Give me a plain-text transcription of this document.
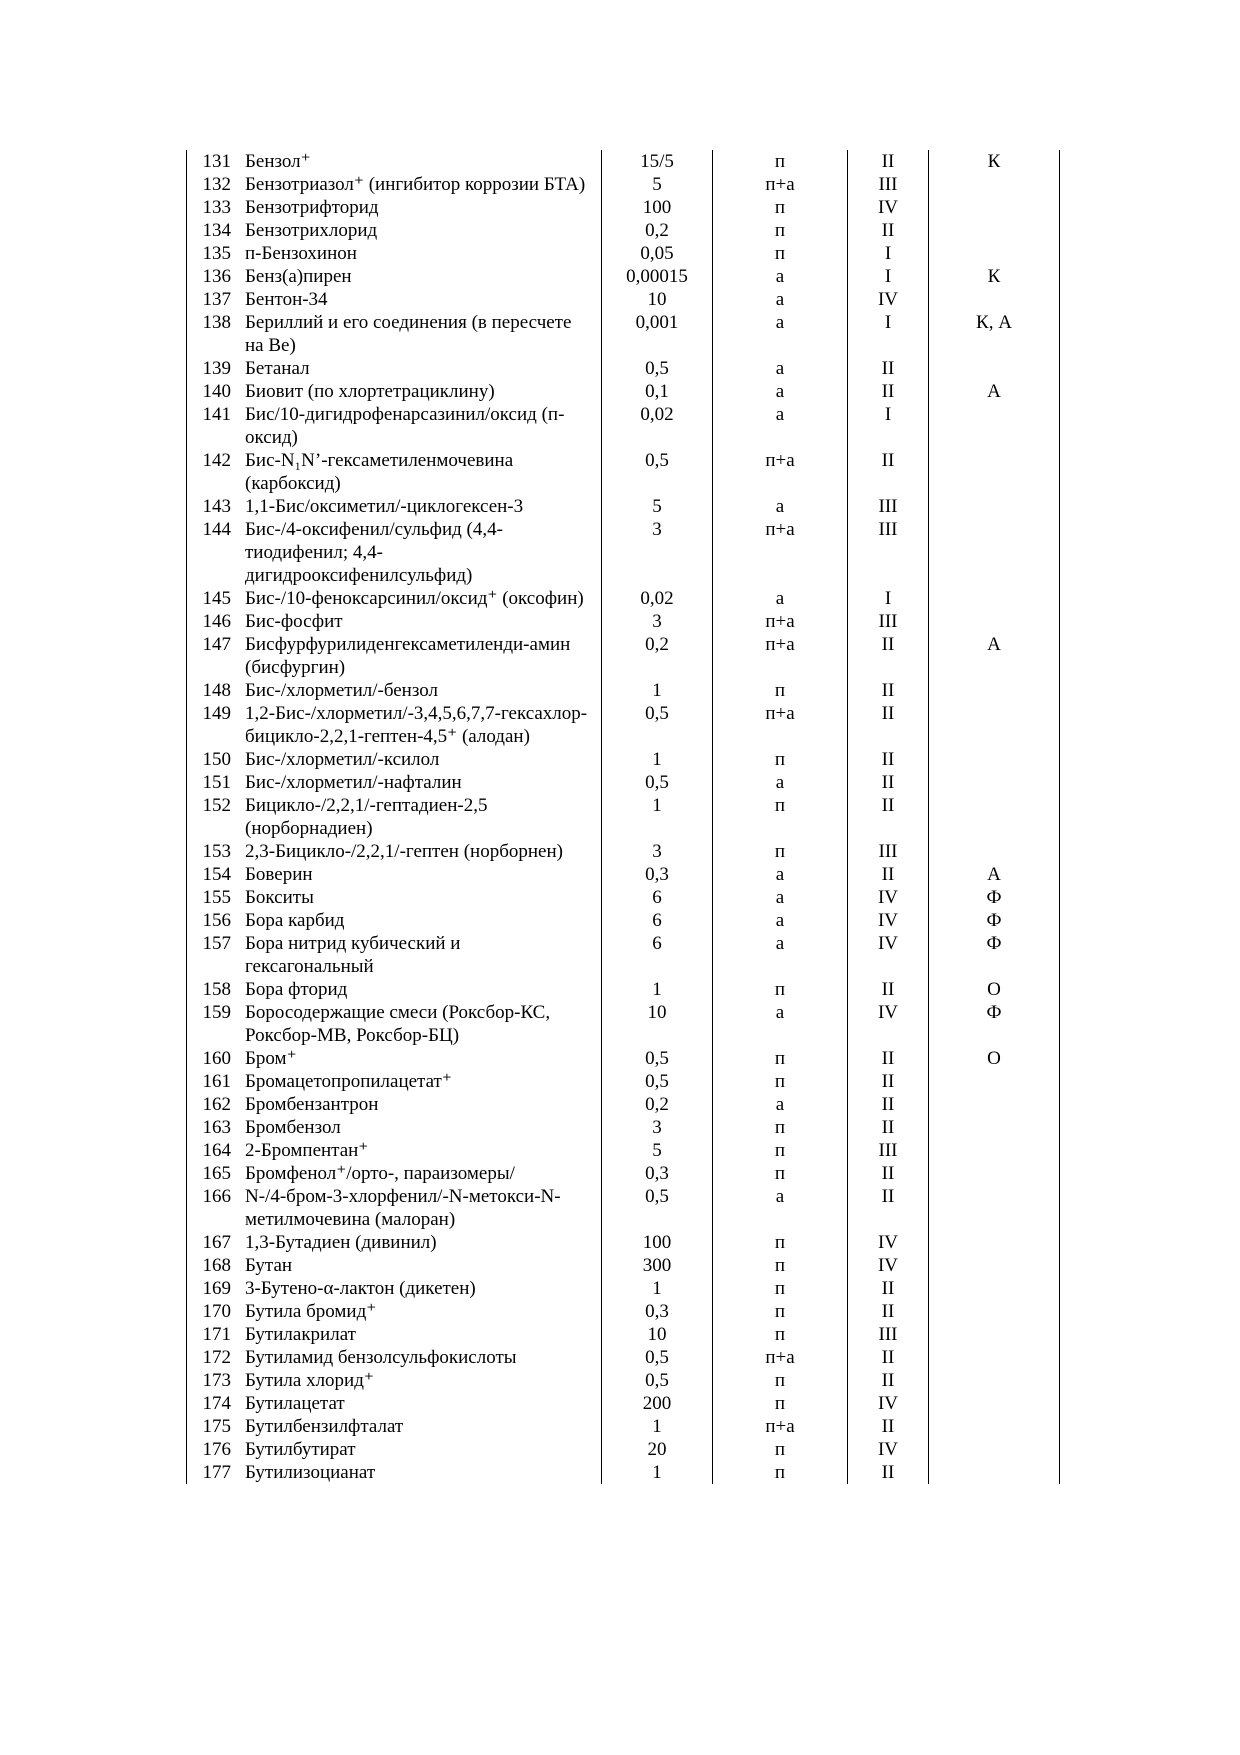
131	Бензол⁺	15/5	п	II	К
132	Бензотриазол⁺ (ингибитор коррозии БТА)	5	п+а	III	
133	Бензотрифторид	100	п	IV	
134	Бензотрихлорид	0,2	п	II	
135	п-Бензохинон	0,05	п	I	
136	Бенз(а)пирен	0,00015	а	I	К
137	Бентон-34	10	а	IV	
138	Бериллий и его соединения (в пересчете на Ве)	0,001	а	I	К, А
139	Бетанал	0,5	а	II	
140	Биовит (по хлортетрациклину)	0,1	а	II	А
141	Бис/10-дигидрофенарсазинил/оксид (п-оксид)	0,02	а	I	
142	Бис-N₁N’-гексаметиленмочевина (карбоксид)	0,5	п+а	II	
143	1,1-Бис/оксиметил/-циклогексен-3	5	а	III	
144	Бис-/4-оксифенил/сульфид (4,4-тиодифенил; 4,4-дигидрооксифенилсульфид)	3	п+а	III	
145	Бис-/10-феноксарсинил/оксид⁺ (оксофин)	0,02	а	I	
146	Бис-фосфит	3	п+а	III	
147	Бисфурфурилиденгексаметиленди-амин (бисфургин)	0,2	п+а	II	А
148	Бис-/хлорметил/-бензол	1	п	II	
149	1,2-Бис-/хлорметил/-3,4,5,6,7,7-гексахлор-бицикло-2,2,1-гептен-4,5⁺ (алодан)	0,5	п+а	II	
150	Бис-/хлорметил/-ксилол	1	п	II	
151	Бис-/хлорметил/-нафталин	0,5	а	II	
152	Бицикло-/2,2,1/-гептадиен-2,5 (норборнадиен)	1	п	II	
153	2,3-Бицикло-/2,2,1/-гептен (норборнен)	3	п	III	
154	Боверин	0,3	а	II	А
155	Бокситы	6	а	IV	Ф
156	Бора карбид	6	а	IV	Ф
157	Бора нитрид кубический и гексагональный	6	а	IV	Ф
158	Бора фторид	1	п	II	О
159	Боросодержащие смеси (Роксбор-КС, Роксбор-МВ, Роксбор-БЦ)	10	а	IV	Ф
160	Бром⁺	0,5	п	II	О
161	Бромацетопропилацетат⁺	0,5	п	II	
162	Бромбензантрон	0,2	а	II	
163	Бромбензол	3	п	II	
164	2-Бромпентан⁺	5	п	III	
165	Бромфенол⁺/орто-, параизомеры/	0,3	п	II	
166	N-/4-бром-3-хлорфенил/-N-метокси-N-метилмочевина (малоран)	0,5	а	II	
167	1,3-Бутадиен (дивинил)	100	п	IV	
168	Бутан	300	п	IV	
169	3-Бутено-α-лактон (дикетен)	1	п	II	
170	Бутила бромид⁺	0,3	п	II	
171	Бутилакрилат	10	п	III	
172	Бутиламид бензолсульфокислоты	0,5	п+а	II	
173	Бутила хлорид⁺	0,5	п	II	
174	Бутилацетат	200	п	IV	
175	Бутилбензилфталат	1	п+а	II	
176	Бутилбутират	20	п	IV	
177	Бутилизоцианат	1	п	II	
